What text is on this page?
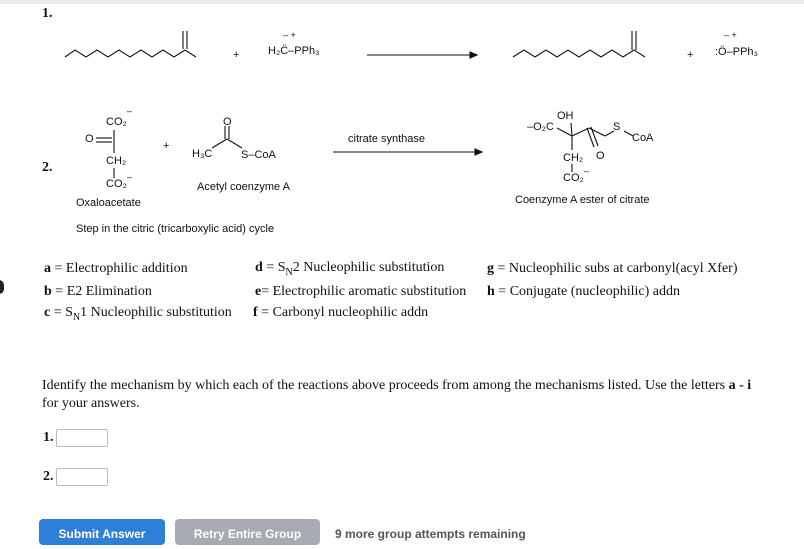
1.
+
– +
H₂C̈–PPh₃	+
– +
:Ö–PPh₃
2.
CO₂
–
O
CH₂
CO₂
–
Oxaloacetate
+
O
H₃C	S–CoA
Acetyl coenzyme A
citrate synthase
–O₂C
OH
S
CoA
CH₂ O
CO₂
–
Coenzyme A ester of citrate
Step in the citric (tricarboxylic acid) cycle
a = Electrophilic addition
b = E2 Elimination
$c = S_N1$ Nucleophilic substitution
$d = S_N2$ Nucleophilic substitution
e= Electrophilic aromatic substitution
f = Carbonyl nucleophilic addn
g = Nucleophilic subs at carbonyl(acyl Xfer)
h = Conjugate (nucleophilic) addn
Identify the mechanism by which each of the reactions above proceeds from among the mechanisms listed. Use the letters a - i for your answers.
1.
2.
Submit Answer	Retry Entire Group	9 more group attempts remaining
